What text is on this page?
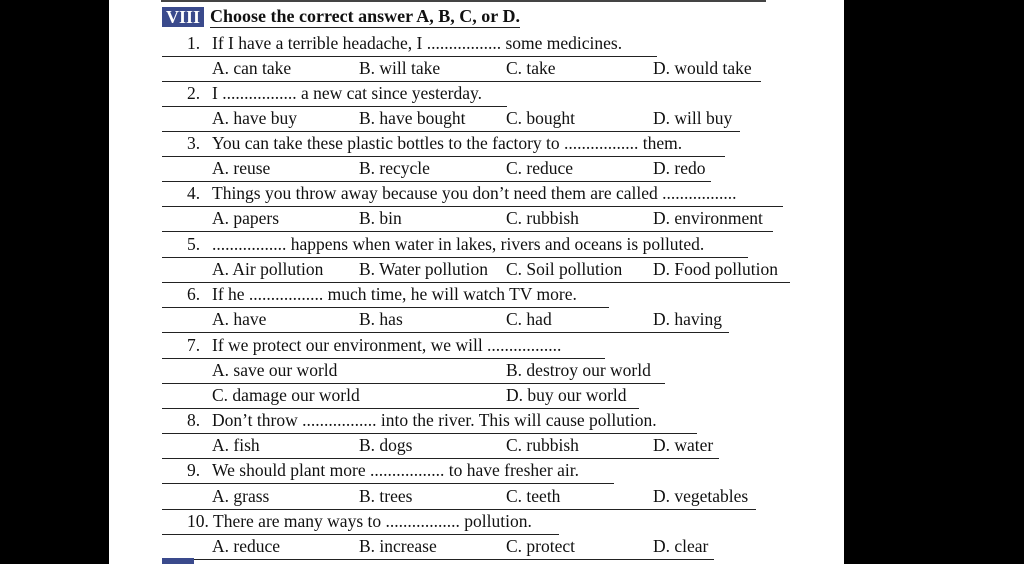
VIII Choose the correct answer A, B, C, or D.
1. If I have a terrible headache, I ................. some medicines.
A. can take	B. will take	C. take	D. would take
2. I ................. a new cat since yesterday.
A. have buy	B. have bought C. bought	D. will buy
3. You can take these plastic bottles to the factory to ................. them.
A. reuse	B. recycle	C. reduce	D. redo
4. Things you throw away because you don’t need them are called .................
A. papers	B. bin	C. rubbish	D. environment
5. ................. happens when water in lakes, rivers and oceans is polluted.
A. Air pollution B. Water pollution C. Soil pollution D. Food pollution
6. If he ................. much time, he will watch TV more.
A. have	B. has	C. had	D. having
7. If we protect our environment, we will .................
A. save our world	B. destroy our world
C. damage our world	D. buy our world
8. Don’t throw ................. into the river. This will cause pollution.
A. fish	B. dogs	C. rubbish	D. water
9. We should plant more ................. to have fresher air.
A. grass	B. trees	C. teeth	D. vegetables
10. There are many ways to ................. pollution.
A. reduce	B. increase	C. protect	D. clear
